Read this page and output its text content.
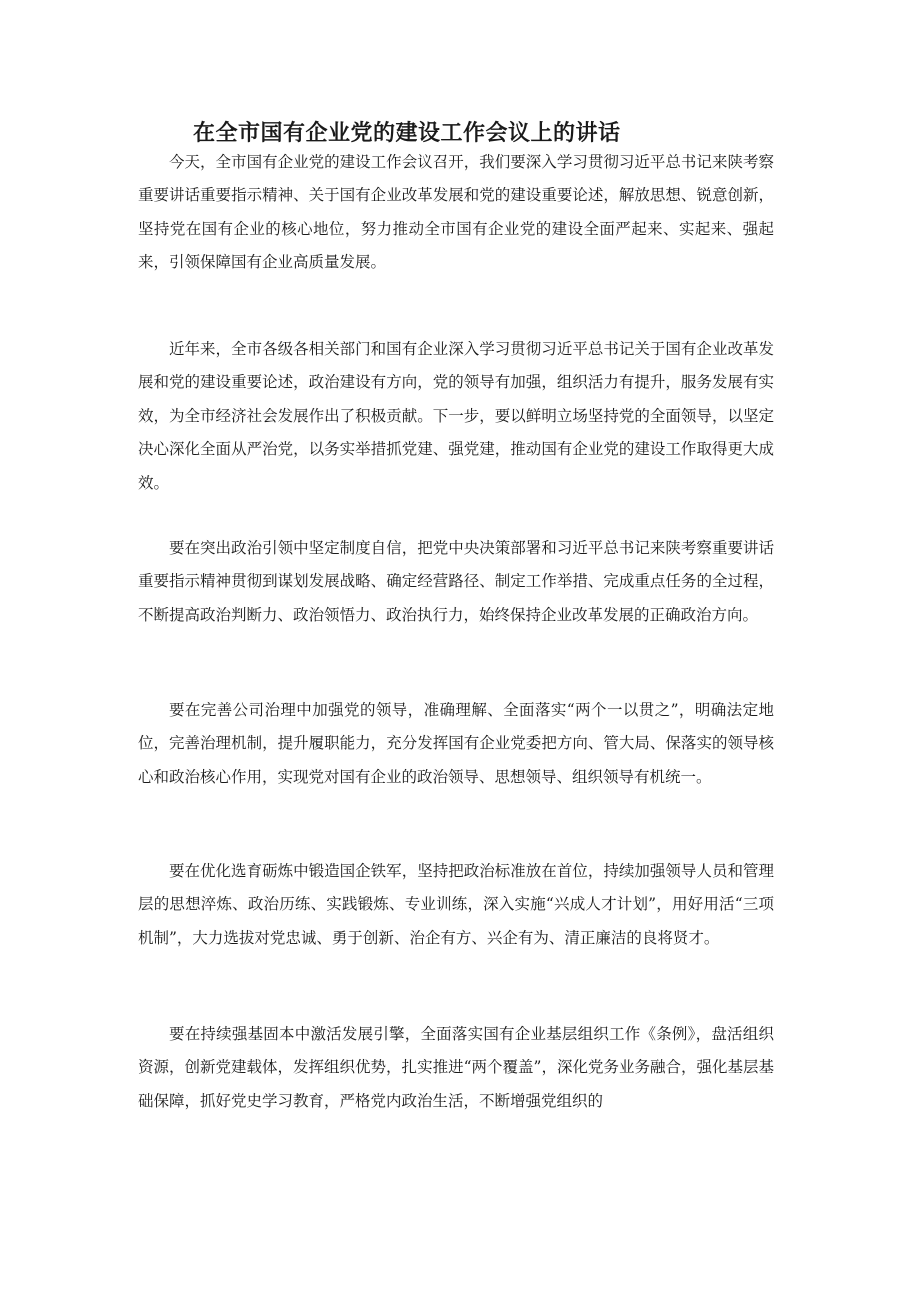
在全市国有企业党的建设工作会议上的讲话

今天，全市国有企业党的建设工作会议召开，我们要深入学习贯彻习近平总书记来陕考察重要讲话重要指示精神、关于国有企业改革发展和党的建设重要论述，解放思想、锐意创新，坚持党在国有企业的核心地位，努力推动全市国有企业党的建设全面严起来、实起来、强起来，引领保障国有企业高质量发展。

近年来，全市各级各相关部门和国有企业深入学习贯彻习近平总书记关于国有企业改革发展和党的建设重要论述，政治建设有方向，党的领导有加强，组织活力有提升，服务发展有实效，为全市经济社会发展作出了积极贡献。下一步，要以鲜明立场坚持党的全面领导，以坚定决心深化全面从严治党，以务实举措抓党建、强党建，推动国有企业党的建设工作取得更大成效。

要在突出政治引领中坚定制度自信，把党中央决策部署和习近平总书记来陕考察重要讲话重要指示精神贯彻到谋划发展战略、确定经营路径、制定工作举措、完成重点任务的全过程，不断提高政治判断力、政治领悟力、政治执行力，始终保持企业改革发展的正确政治方向。

要在完善公司治理中加强党的领导，准确理解、全面落实“两个一以贯之”，明确法定地位，完善治理机制，提升履职能力，充分发挥国有企业党委把方向、管大局、保落实的领导核心和政治核心作用，实现党对国有企业的政治领导、思想领导、组织领导有机统一。

要在优化选育砺炼中锻造国企铁军，坚持把政治标准放在首位，持续加强领导人员和管理层的思想淬炼、政治历练、实践锻炼、专业训练，深入实施“兴成人才计划”，用好用活“三项机制”，大力选拔对党忠诚、勇于创新、治企有方、兴企有为、清正廉洁的良将贤才。

要在持续强基固本中激活发展引擎，全面落实国有企业基层组织工作《条例》，盘活组织资源，创新党建载体，发挥组织优势，扎实推进“两个覆盖”，深化党务业务融合，强化基层基础保障，抓好党史学习教育，严格党内政治生活，不断增强党组织的
